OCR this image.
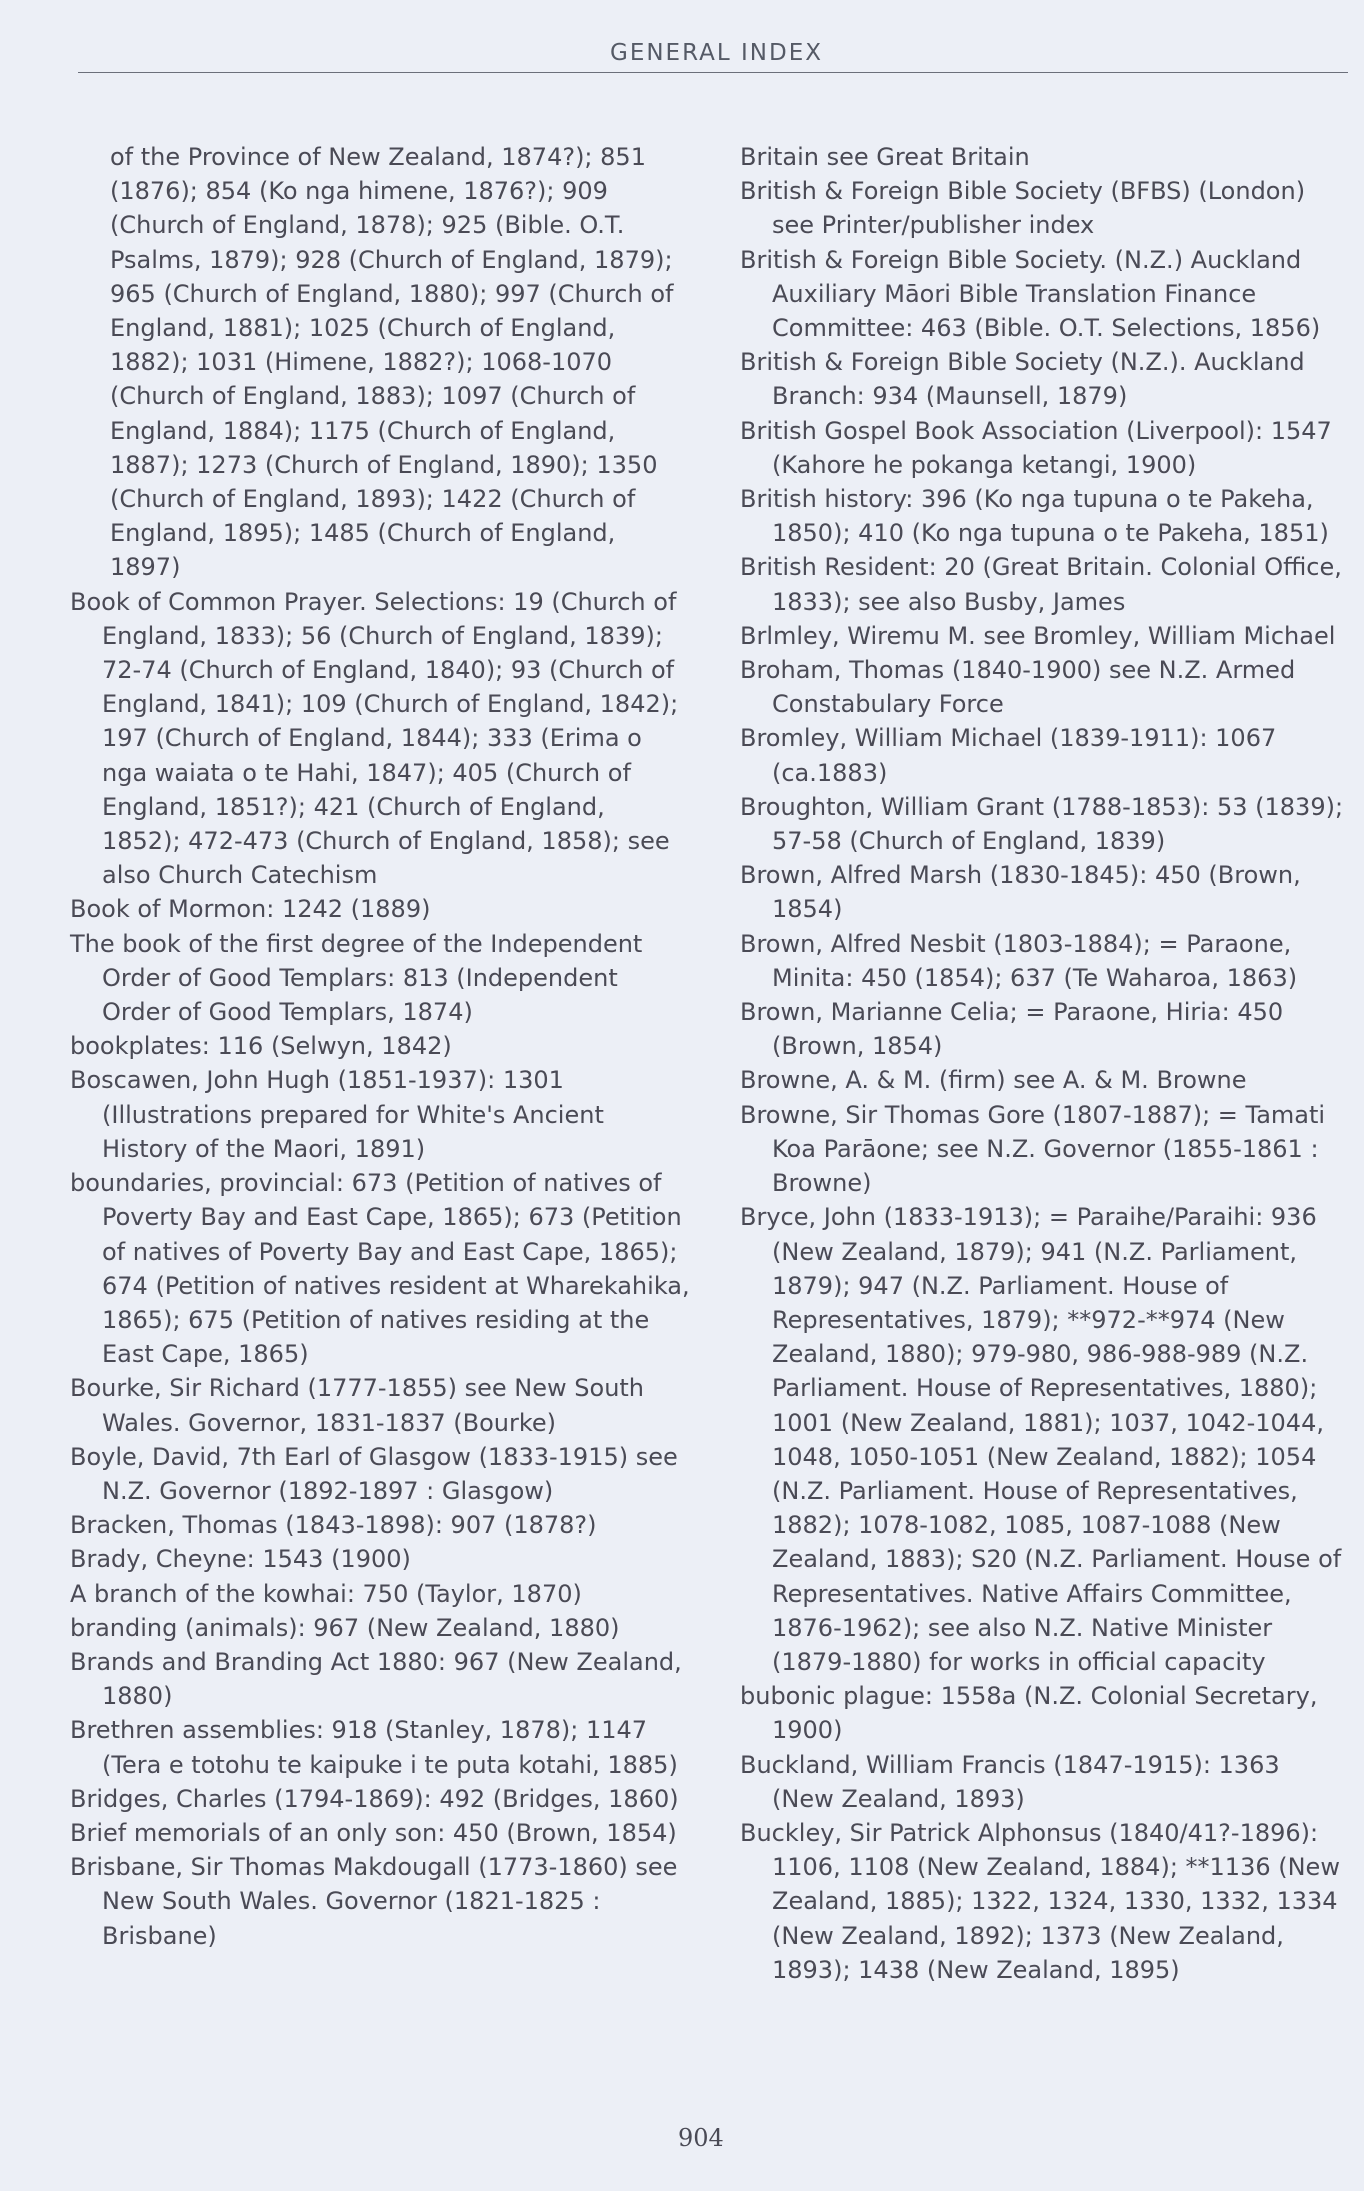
GENERAL INDEX

of the Province of New Zealand, 1874?); 851 (1876); 854 (Ko nga himene, 1876?); 909 (Church of England, 1878); 925 (Bible. O.T. Psalms, 1879); 928 (Church of England, 1879); 965 (Church of England, 1880); 997 (Church of England, 1881); 1025 (Church of England, 1882); 1031 (Himene, 1882?); 1068-1070 (Church of England, 1883); 1097 (Church of England, 1884); 1175 (Church of England, 1887); 1273 (Church of England, 1890); 1350 (Church of England, 1893); 1422 (Church of England, 1895); 1485 (Church of England, 1897)

Book of Common Prayer. Selections: 19 (Church of England, 1833); 56 (Church of England, 1839); 72-74 (Church of England, 1840); 93 (Church of England, 1841); 109 (Church of England, 1842); 197 (Church of England, 1844); 333 (Erima o nga waiata o te Hahi, 1847); 405 (Church of England, 1851?); 421 (Church of England, 1852); 472-473 (Church of England, 1858); see also Church Catechism

Book of Mormon: 1242 (1889)

The book of the first degree of the Independent Order of Good Templars: 813 (Independent Order of Good Templars, 1874)

bookplates: 116 (Selwyn, 1842)

Boscawen, John Hugh (1851-1937): 1301 (Illustrations prepared for White's Ancient History of the Maori, 1891)

boundaries, provincial: 673 (Petition of natives of Poverty Bay and East Cape, 1865); 673 (Petition of natives of Poverty Bay and East Cape, 1865); 674 (Petition of natives resident at Wharekahika, 1865); 675 (Petition of natives residing at the East Cape, 1865)

Bourke, Sir Richard (1777-1855) see New South Wales. Governor, 1831-1837 (Bourke)

Boyle, David, 7th Earl of Glasgow (1833-1915) see N.Z. Governor (1892-1897 : Glasgow)

Bracken, Thomas (1843-1898): 907 (1878?)

Brady, Cheyne: 1543 (1900)

A branch of the kowhai: 750 (Taylor, 1870)

branding (animals): 967 (New Zealand, 1880)

Brands and Branding Act 1880: 967 (New Zealand, 1880)

Brethren assemblies: 918 (Stanley, 1878); 1147 (Tera e totohu te kaipuke i te puta kotahi, 1885)

Bridges, Charles (1794-1869): 492 (Bridges, 1860)

Brief memorials of an only son: 450 (Brown, 1854)

Brisbane, Sir Thomas Makdougall (1773-1860) see New South Wales. Governor (1821-1825 : Brisbane)

Britain see Great Britain

British & Foreign Bible Society (BFBS) (London) see Printer/publisher index

British & Foreign Bible Society. (N.Z.) Auckland Auxiliary Māori Bible Translation Finance Committee: 463 (Bible. O.T. Selections, 1856)

British & Foreign Bible Society (N.Z.). Auckland Branch: 934 (Maunsell, 1879)

British Gospel Book Association (Liverpool): 1547 (Kahore he pokanga ketangi, 1900)

British history: 396 (Ko nga tupuna o te Pakeha, 1850); 410 (Ko nga tupuna o te Pakeha, 1851)

British Resident: 20 (Great Britain. Colonial Office, 1833); see also Busby, James

Brlmley, Wiremu M. see Bromley, William Michael

Broham, Thomas (1840-1900) see N.Z. Armed Constabulary Force

Bromley, William Michael (1839-1911): 1067 (ca.1883)

Broughton, William Grant (1788-1853): 53 (1839); 57-58 (Church of England, 1839)

Brown, Alfred Marsh (1830-1845): 450 (Brown, 1854)

Brown, Alfred Nesbit (1803-1884); = Paraone, Minita: 450 (1854); 637 (Te Waharoa, 1863)

Brown, Marianne Celia; = Paraone, Hiria: 450 (Brown, 1854)

Browne, A. & M. (firm) see A. & M. Browne

Browne, Sir Thomas Gore (1807-1887); = Tamati Koa Parāone; see N.Z. Governor (1855-1861 : Browne)

Bryce, John (1833-1913); = Paraihe/Paraihi: 936 (New Zealand, 1879); 941 (N.Z. Parliament, 1879); 947 (N.Z. Parliament. House of Representatives, 1879); **972-**974 (New Zealand, 1880); 979-980, 986-988-989 (N.Z. Parliament. House of Representatives, 1880); 1001 (New Zealand, 1881); 1037, 1042-1044, 1048, 1050-1051 (New Zealand, 1882); 1054 (N.Z. Parliament. House of Representatives, 1882); 1078-1082, 1085, 1087-1088 (New Zealand, 1883); S20 (N.Z. Parliament. House of Representatives. Native Affairs Committee, 1876-1962); see also N.Z. Native Minister (1879-1880) for works in official capacity

bubonic plague: 1558a (N.Z. Colonial Secretary, 1900)

Buckland, William Francis (1847-1915): 1363 (New Zealand, 1893)

Buckley, Sir Patrick Alphonsus (1840/41?-1896): 1106, 1108 (New Zealand, 1884); **1136 (New Zealand, 1885); 1322, 1324, 1330, 1332, 1334 (New Zealand, 1892); 1373 (New Zealand, 1893); 1438 (New Zealand, 1895)

904
